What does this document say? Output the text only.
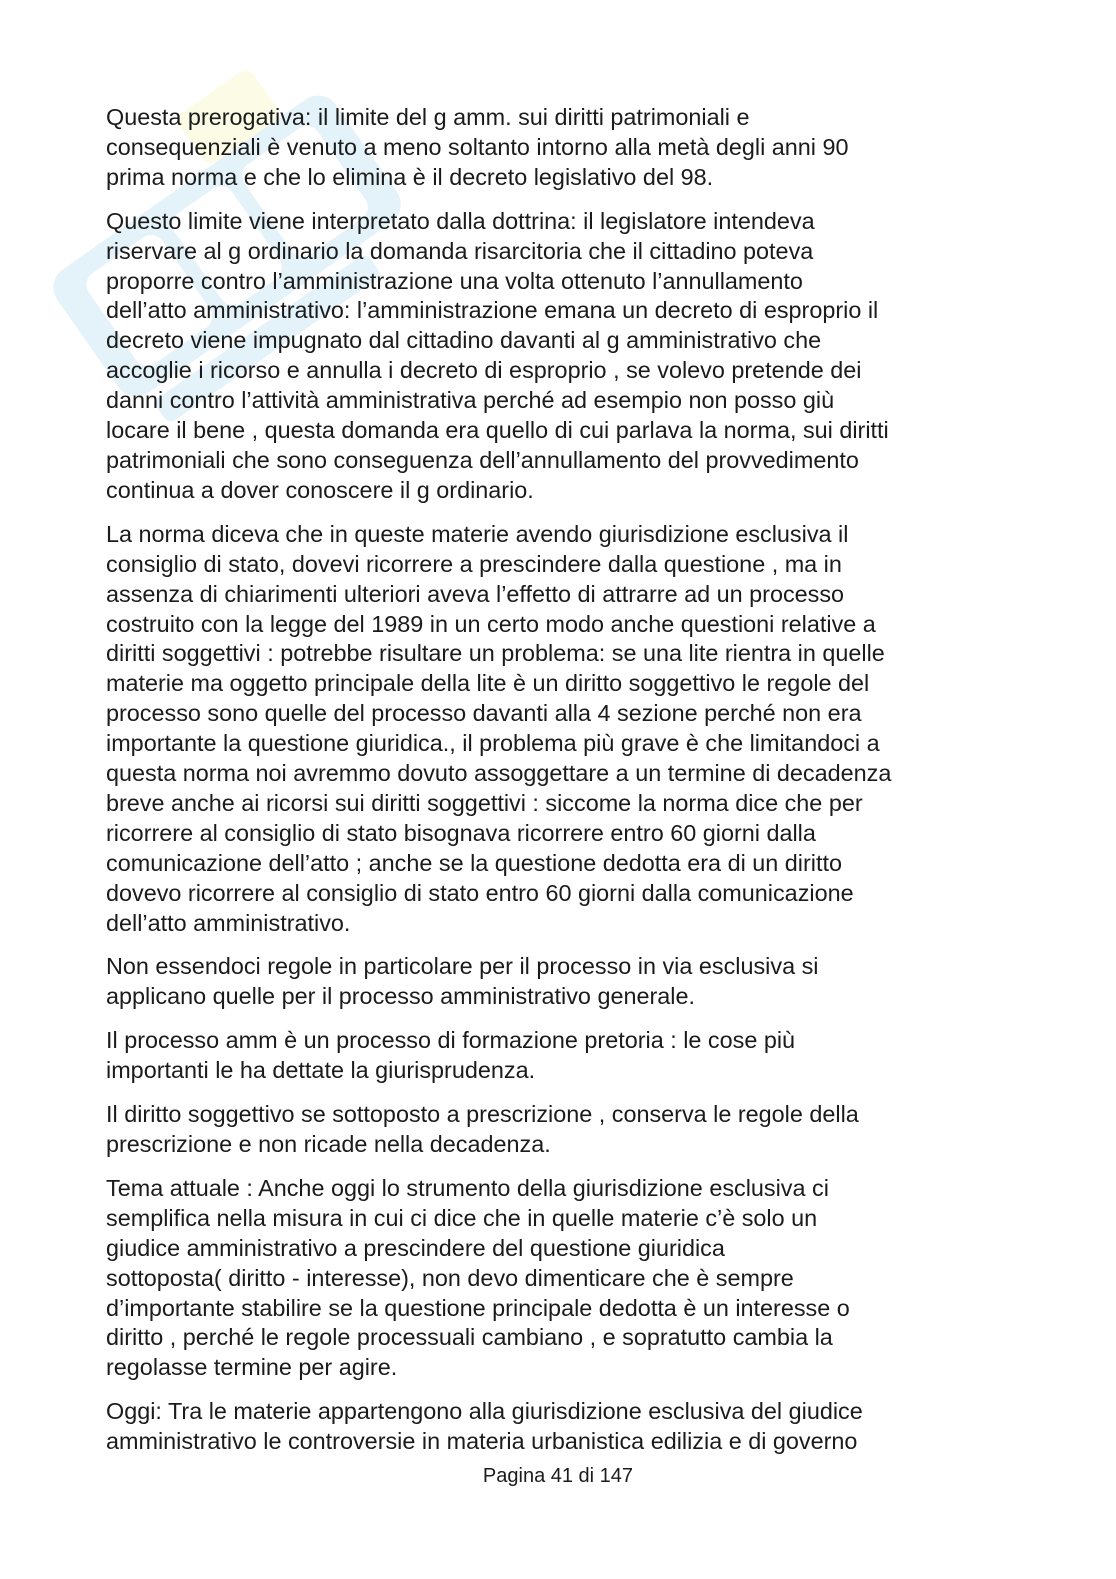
Questa prerogativa: il limite del g amm. sui diritti patrimoniali e
consequenziali è venuto a meno soltanto intorno alla metà degli anni 90
prima norma e che lo elimina è il decreto legislativo del 98.

Questo limite viene interpretato dalla dottrina: il legislatore intendeva
riservare al g ordinario la domanda risarcitoria che il cittadino poteva
proporre contro l’amministrazione una volta ottenuto l’annullamento
dell’atto amministrativo: l’amministrazione emana un decreto di esproprio il
decreto viene impugnato dal cittadino davanti al g amministrativo che
accoglie i ricorso e annulla i decreto di esproprio , se volevo pretende dei
danni contro l’attività amministrativa perché ad esempio non posso giù
locare il bene , questa domanda era quello di cui parlava la norma, sui diritti
patrimoniali che sono conseguenza dell’annullamento del provvedimento
continua a dover conoscere il g ordinario.

La norma diceva che in queste materie avendo giurisdizione esclusiva il
consiglio di stato, dovevi ricorrere a prescindere dalla questione , ma in
assenza di chiarimenti ulteriori aveva l’effetto di attrarre ad un processo
costruito con la legge del 1989 in un certo modo anche questioni relative a
diritti soggettivi : potrebbe risultare un problema: se una lite rientra in quelle
materie ma oggetto principale della lite è un diritto soggettivo le regole del
processo sono quelle del processo davanti alla 4 sezione perché non era
importante la questione giuridica., il problema più grave è che limitandoci a
questa norma noi avremmo dovuto assoggettare a un termine di decadenza
breve anche ai ricorsi sui diritti soggettivi : siccome la norma dice che per
ricorrere al consiglio di stato bisognava ricorrere entro 60 giorni dalla
comunicazione dell’atto ; anche se la questione dedotta era di un diritto
dovevo ricorrere al consiglio di stato entro 60 giorni dalla comunicazione
dell’atto amministrativo.

Non essendoci regole in particolare per il processo in via esclusiva si
applicano quelle per il processo amministrativo generale.

Il processo amm è un processo di formazione pretoria : le cose più
importanti le ha dettate la giurisprudenza.

Il diritto soggettivo se sottoposto a prescrizione , conserva le regole della
prescrizione e non ricade nella decadenza.

Tema attuale : Anche oggi lo strumento della giurisdizione esclusiva ci
semplifica nella misura in cui ci dice che in quelle materie c’è solo un
giudice amministrativo a prescindere del questione giuridica
sottoposta( diritto - interesse), non devo dimenticare che è sempre
d’importante stabilire se la questione principale dedotta è un interesse o
diritto , perché le regole processuali cambiano , e sopratutto cambia la
regolasse termine per agire.

Oggi: Tra le materie appartengono alla giurisdizione esclusiva del giudice
amministrativo le controversie in materia urbanistica edilizia e di governo

Pagina 41 di 147
